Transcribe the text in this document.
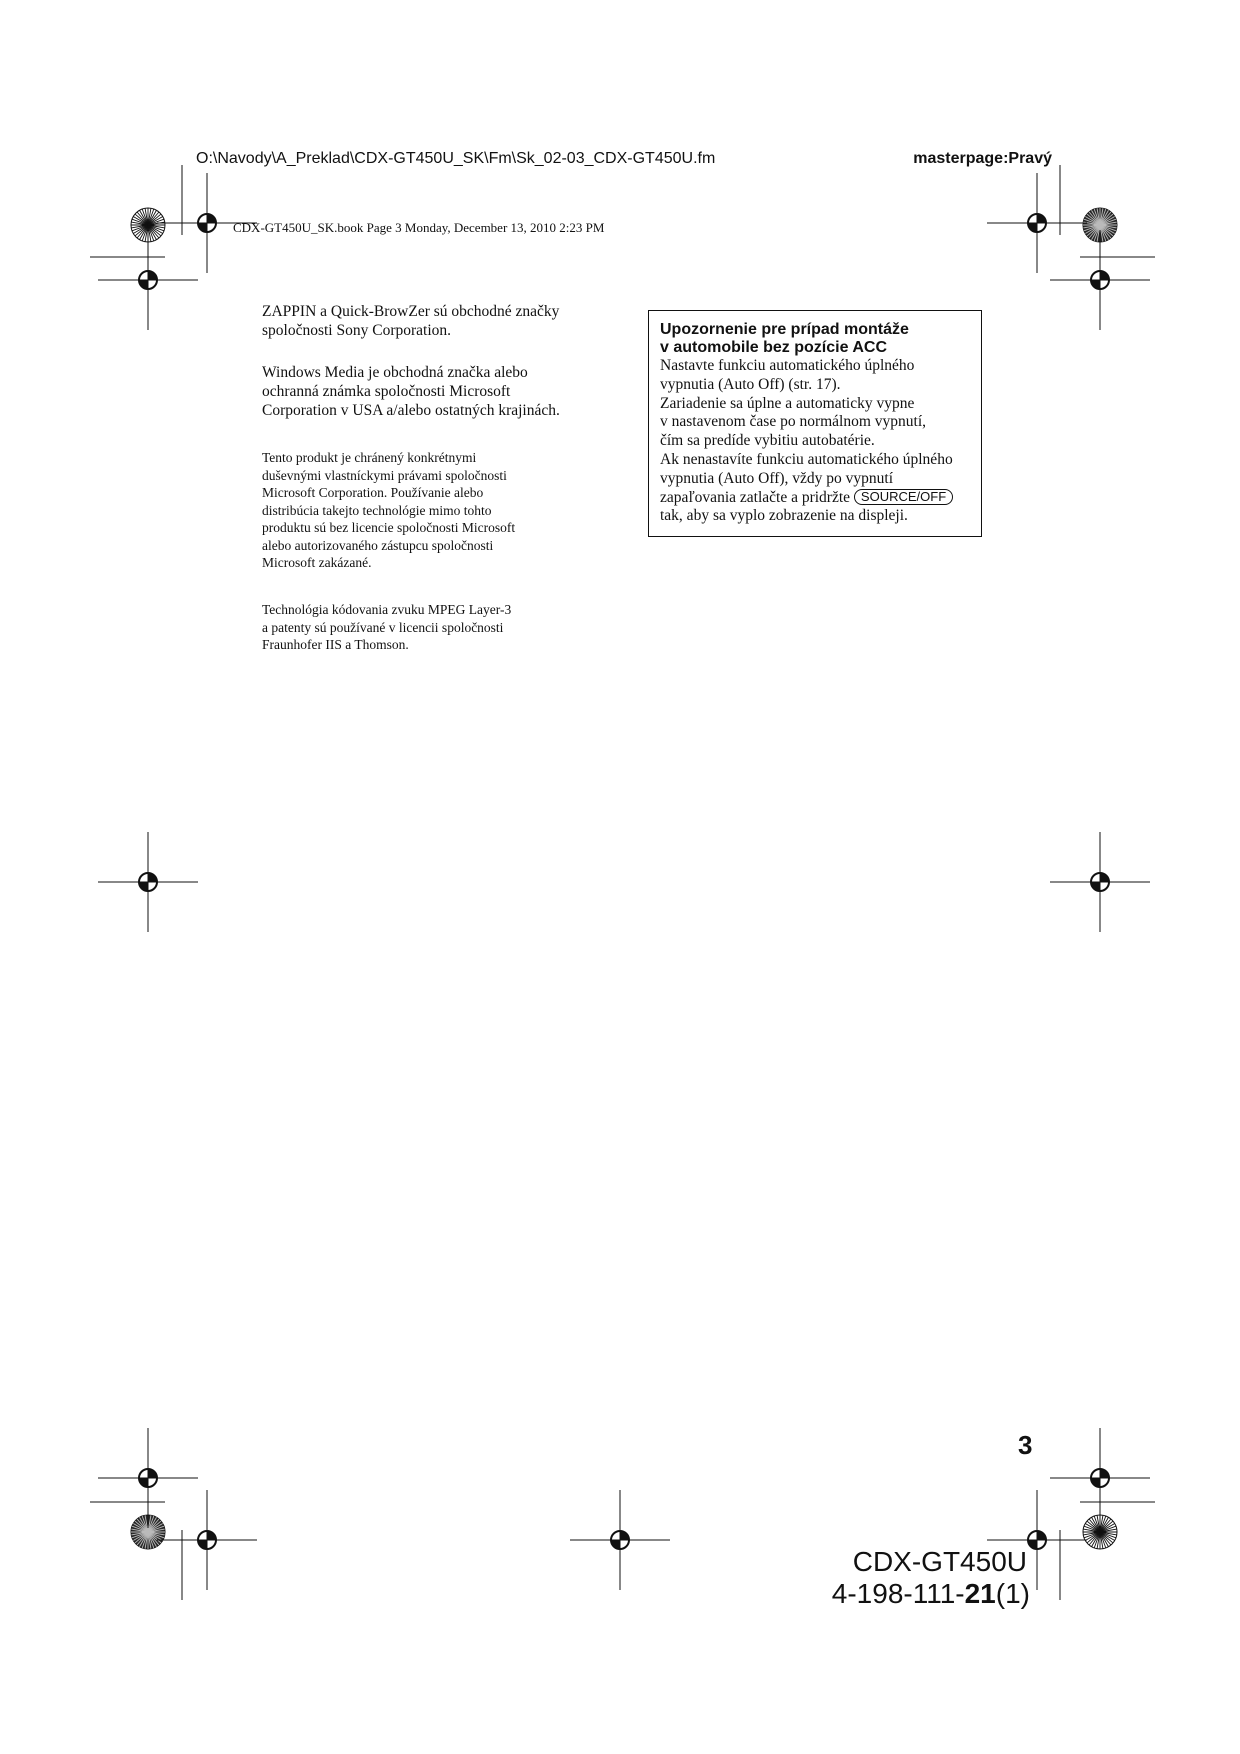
O:\Navody\A_Preklad\CDX-GT450U_SK\Fm\Sk_02-03_CDX-GT450U.fm	masterpage:Pravý
CDX-GT450U_SK.book Page 3 Monday, December 13, 2010 2:23 PM

ZAPPIN a Quick-BrowZer sú obchodné značky
spoločnosti Sony Corporation.

Windows Media je obchodná značka alebo
ochranná známka spoločnosti Microsoft
Corporation v USA a/alebo ostatných krajinách.

Tento produkt je chránený konkrétnymi
duševnými vlastníckymi právami spoločnosti
Microsoft Corporation. Používanie alebo
distribúcia takejto technológie mimo tohto
produktu sú bez licencie spoločnosti Microsoft
alebo autorizovaného zástupcu spoločnosti
Microsoft zakázané.

Technológia kódovania zvuku MPEG Layer-3
a patenty sú používané v licencii spoločnosti
Fraunhofer IIS a Thomson.

Upozornenie pre prípad montáže
v automobile bez pozície ACC

Nastavte funkciu automatického úplného
vypnutia (Auto Off) (str. 17).
Zariadenie sa úplne a automaticky vypne
v nastavenom čase po normálnom vypnutí,
čím sa predíde vybitiu autobatérie.
Ak nenastavíte funkciu automatického úplného
vypnutia (Auto Off), vždy po vypnutí
zapaľovania zatlačte a pridržte SOURCE/OFF
tak, aby sa vyplo zobrazenie na displeji.

3
CDX-GT450U
4-198-111-21(1)
